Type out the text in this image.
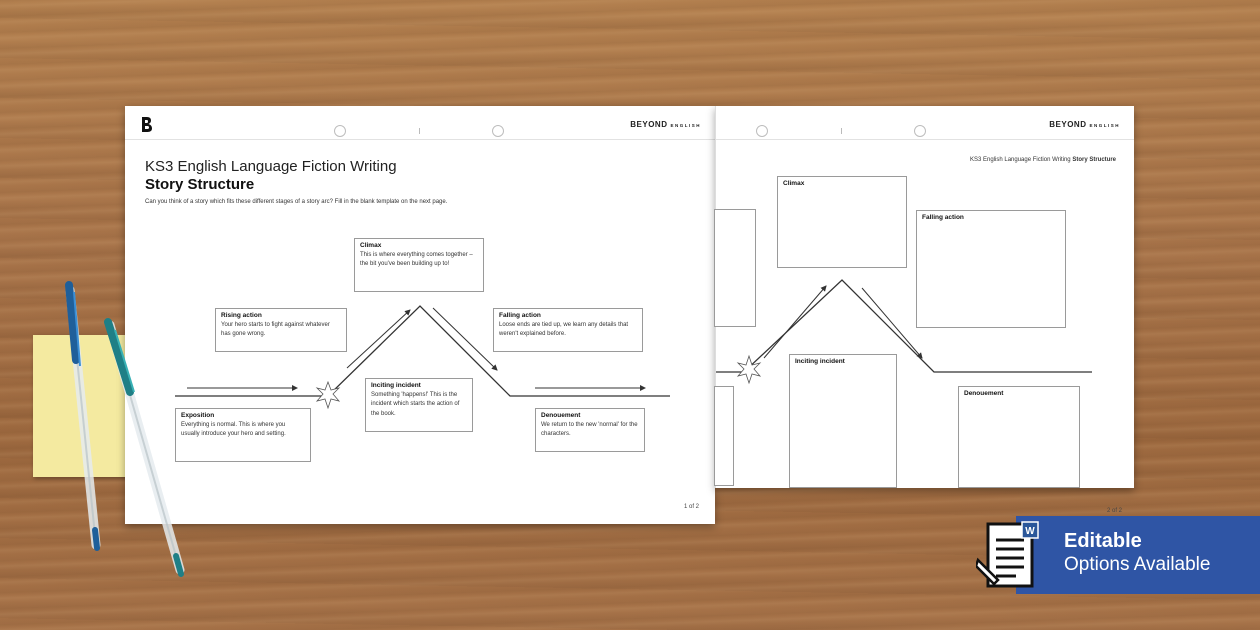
BEYOND ENGLISH
KS3 English Language Fiction Writing
Story Structure
Can you think of a story which fits these different stages of a story arc? Fill in the blank template on the next page.
Climax
This is where everything comes together – the bit you've been building up to!
Rising action
Your hero starts to fight against whatever has gone wrong.
Falling action
Loose ends are tied up, we learn any details that weren't explained before.
Inciting incident
Something 'happens!' This is the incident which starts the action of the book.
Exposition
Everything is normal. This is where you usually introduce your hero and setting.
Denouement
We return to the new 'normal' for the characters.
1 of 2
BEYOND ENGLISH
KS3 English Language Fiction Writing Story Structure
Climax
Falling action
Inciting incident
Denouement
2 of 2
Editable
Options Available
W
